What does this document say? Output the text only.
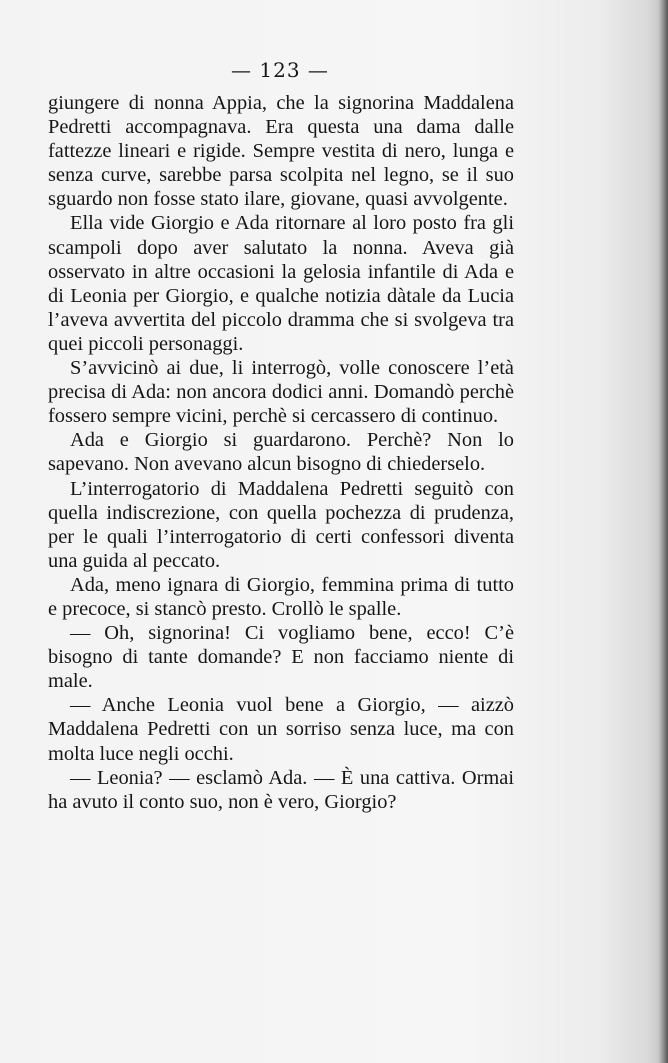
— 123 —

giungere di nonna Appia, che la signorina Maddalena Pedretti accompagnava. Era questa una dama dalle fattezze lineari e rigide. Sempre vestita di nero, lunga e senza curve, sarebbe parsa scolpita nel legno, se il suo sguardo non fosse stato ilare, giovane, quasi avvolgente.

Ella vide Giorgio e Ada ritornare al loro posto fra gli scampoli dopo aver salutato la nonna. Aveva già osservato in altre occasioni la gelosia infantile di Ada e di Leonia per Giorgio, e qualche notizia dàtale da Lucia l’aveva avvertita del piccolo dramma che si svolgeva tra quei piccoli personaggi.

S’avvicinò ai due, li interrogò, volle conoscere l’età precisa di Ada: non ancora dodici anni. Domandò perchè fossero sempre vicini, perchè si cercassero di continuo.

Ada e Giorgio si guardarono. Perchè? Non lo sapevano. Non avevano alcun bisogno di chiederselo.

L’interrogatorio di Maddalena Pedretti seguitò con quella indiscrezione, con quella pochezza di prudenza, per le quali l’interrogatorio di certi confessori diventa una guida al peccato.

Ada, meno ignara di Giorgio, femmina prima di tutto e precoce, si stancò presto. Crollò le spalle.

— Oh, signorina! Ci vogliamo bene, ecco! C’è bisogno di tante domande? E non facciamo niente di male.

— Anche Leonia vuol bene a Giorgio, — aizzò Maddalena Pedretti con un sorriso senza luce, ma con molta luce negli occhi.

— Leonia? — esclamò Ada. — È una cattiva. Ormai ha avuto il conto suo, non è vero, Giorgio?
